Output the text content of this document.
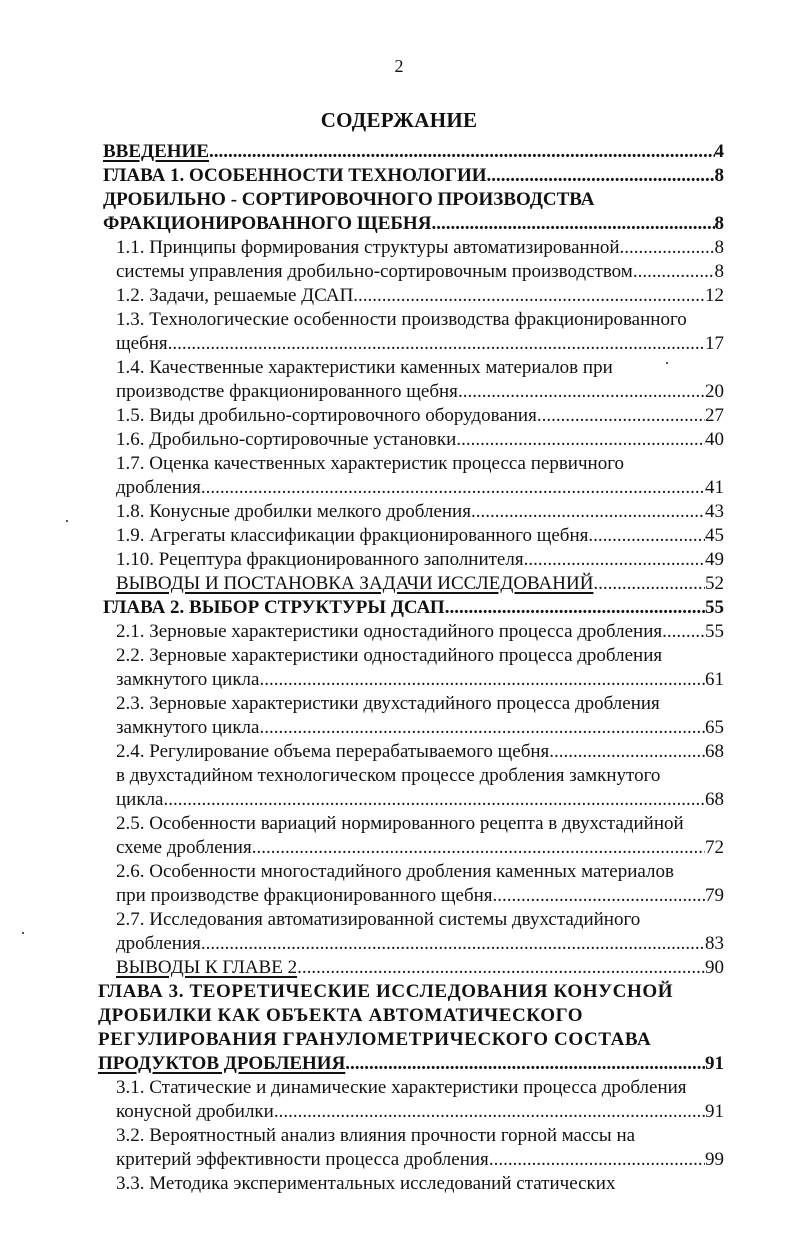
2
СОДЕРЖАНИЕ
ВВЕДЕНИЕ .....	4
ГЛАВА 1. ОСОБЕННОСТИ ТЕХНОЛОГИИ .....	8
ДРОБИЛЬНО - СОРТИРОВОЧНОГО ПРОИЗВОДСТВА
ФРАКЦИОНИРОВАННОГО ЩЕБНЯ .....	8
1.1. Принципы формирования структуры автоматизированной .....	8
системы управления дробильно-сортировочным производством .....	8
1.2. Задачи, решаемые ДСАП .....	12
1.3. Технологические особенности производства фракционированного
щебня .....	17
1.4. Качественные характеристики каменных материалов при
производстве фракционированного щебня .....	20
1.5. Виды дробильно-сортировочного оборудования .....	27
1.6. Дробильно-сортировочные установки .....	40
1.7. Оценка качественных характеристик процесса первичного
дробления .....	41
1.8. Конусные дробилки мелкого дробления .....	43
1.9. Агрегаты классификации фракционированного щебня .....	45
1.10. Рецептура фракционированного заполнителя .....	49
ВЫВОДЫ И ПОСТАНОВКА ЗАДАЧИ ИССЛЕДОВАНИЙ .....	52
ГЛАВА 2. ВЫБОР СТРУКТУРЫ ДСАП .....	55
2.1. Зерновые характеристики одностадийного процесса дробления ..... 55
2.2. Зерновые характеристики одностадийного процесса дробления
замкнутого цикла .....	61
2.3. Зерновые характеристики двухстадийного процесса дробления
замкнутого цикла .....	65
2.4. Регулирование объема перерабатываемого щебня .....	68
в двухстадийном технологическом процессе дробления замкнутого
цикла .....	68
2.5. Особенности вариаций нормированного рецепта в двухстадийной
схеме дробления .....	72
2.6. Особенности многостадийного дробления каменных материалов
при производстве фракционированного щебня .....	79
2.7. Исследования автоматизированной системы двухстадийного
дробления .....	83
ВЫВОДЫ К ГЛАВЕ 2 .....	90
ГЛАВА 3. ТЕОРЕТИЧЕСКИЕ ИССЛЕДОВАНИЯ КОНУСНОЙ
ДРОБИЛКИ КАК ОБЪЕКТА АВТОМАТИЧЕСКОГО
РЕГУЛИРОВАНИЯ ГРАНУЛОМЕТРИЧЕСКОГО СОСТАВА
ПРОДУКТОВ ДРОБЛЕНИЯ .....	91
3.1. Статические и динамические характеристики процесса дробления
конусной дробилки .....	91
3.2. Вероятностный анализ влияния прочности горной массы на
критерий эффективности процесса дробления .....	99
3.3. Методика экспериментальных исследований статических
